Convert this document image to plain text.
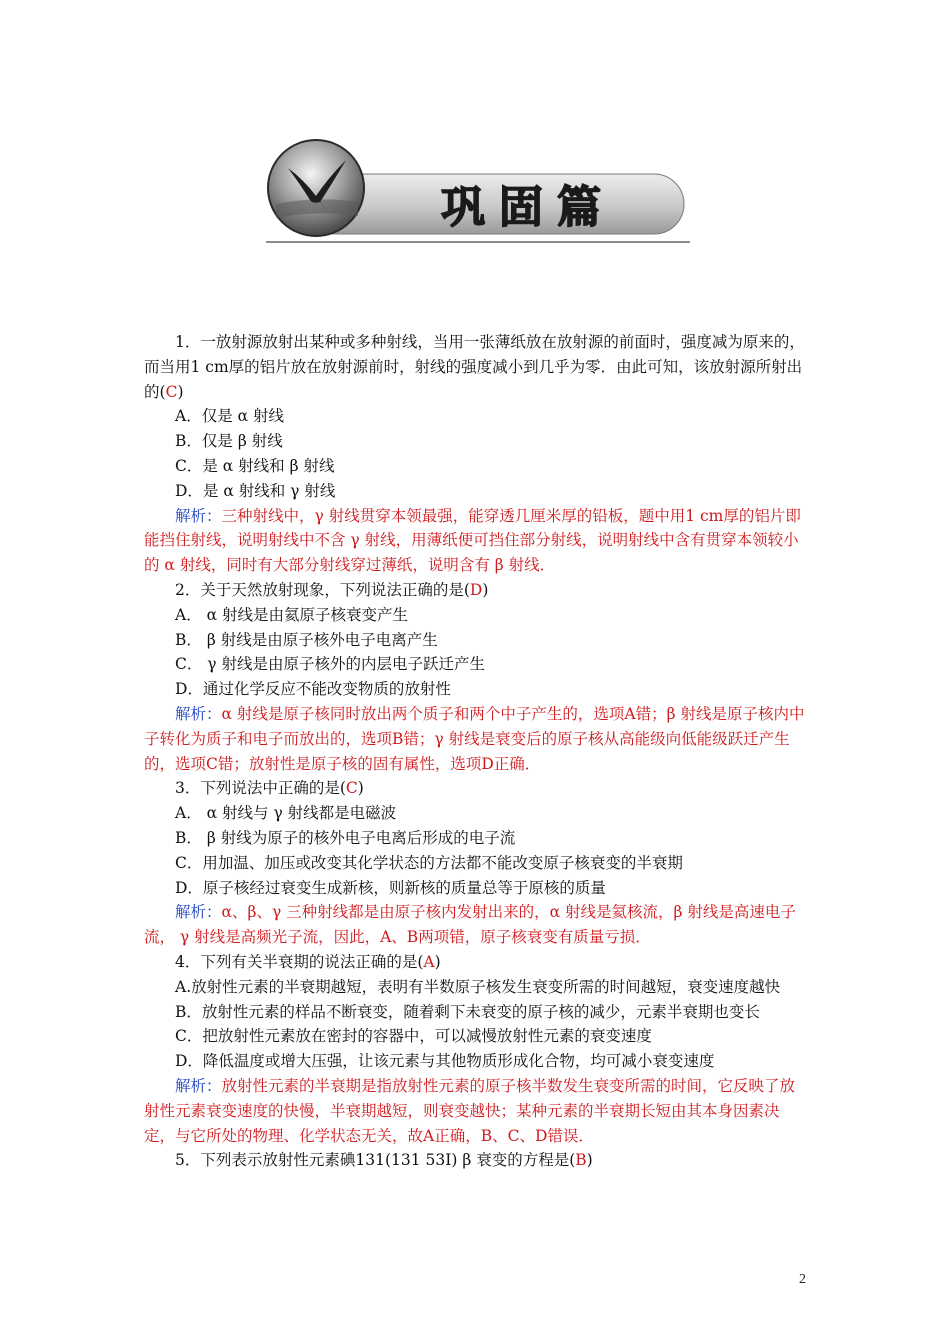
巩固篇

1．一放射源放射出某种或多种射线，当用一张薄纸放在放射源的前面时，强度减为原来的，而当用1 cm厚的铝片放在放射源前时，射线的强度减小到几乎为零．由此可知，该放射源所射出的(C)

A．仅是 α 射线

B．仅是 β 射线

C．是 α 射线和 β 射线

D．是 α 射线和 γ 射线

解析：三种射线中，γ 射线贯穿本领最强，能穿透几厘米厚的铅板，题中用1 cm厚的铝片即能挡住射线，说明射线中不含 γ 射线，用薄纸便可挡住部分射线，说明射线中含有贯穿本领较小的 α 射线，同时有大部分射线穿过薄纸，说明含有 β 射线．

2．关于天然放射现象，下列说法正确的是(D)

A． α 射线是由氦原子核衰变产生

B． β 射线是由原子核外电子电离产生

C． γ 射线是由原子核外的内层电子跃迁产生

D．通过化学反应不能改变物质的放射性

解析：α 射线是原子核同时放出两个质子和两个中子产生的，选项A错；β 射线是原子核内中子转化为质子和电子而放出的，选项B错；γ 射线是衰变后的原子核从高能级向低能级跃迁产生的，选项C错；放射性是原子核的固有属性，选项D正确．

3．下列说法中正确的是(C)

A． α 射线与 γ 射线都是电磁波

B． β 射线为原子的核外电子电离后形成的电子流

C．用加温、加压或改变其化学状态的方法都不能改变原子核衰变的半衰期

D．原子核经过衰变生成新核，则新核的质量总等于原核的质量

解析：α、β、γ 三种射线都是由原子核内发射出来的，α 射线是氦核流，β 射线是高速电子流， γ 射线是高频光子流，因此，A、B两项错，原子核衰变有质量亏损．

4．下列有关半衰期的说法正确的是(A)

A.放射性元素的半衰期越短，表明有半数原子核发生衰变所需的时间越短，衰变速度越快

B．放射性元素的样品不断衰变，随着剩下未衰变的原子核的减少，元素半衰期也变长

C．把放射性元素放在密封的容器中，可以减慢放射性元素的衰变速度

D．降低温度或增大压强，让该元素与其他物质形成化合物，均可减小衰变速度

解析：放射性元素的半衰期是指放射性元素的原子核半数发生衰变所需的时间，它反映了放射性元素衰变速度的快慢，半衰期越短，则衰变越快；某种元素的半衰期长短由其本身因素决定，与它所处的物理、化学状态无关，故A正确，B、C、D错误．

5．下列表示放射性元素碘131(131 53I) β 衰变的方程是(B)

2
